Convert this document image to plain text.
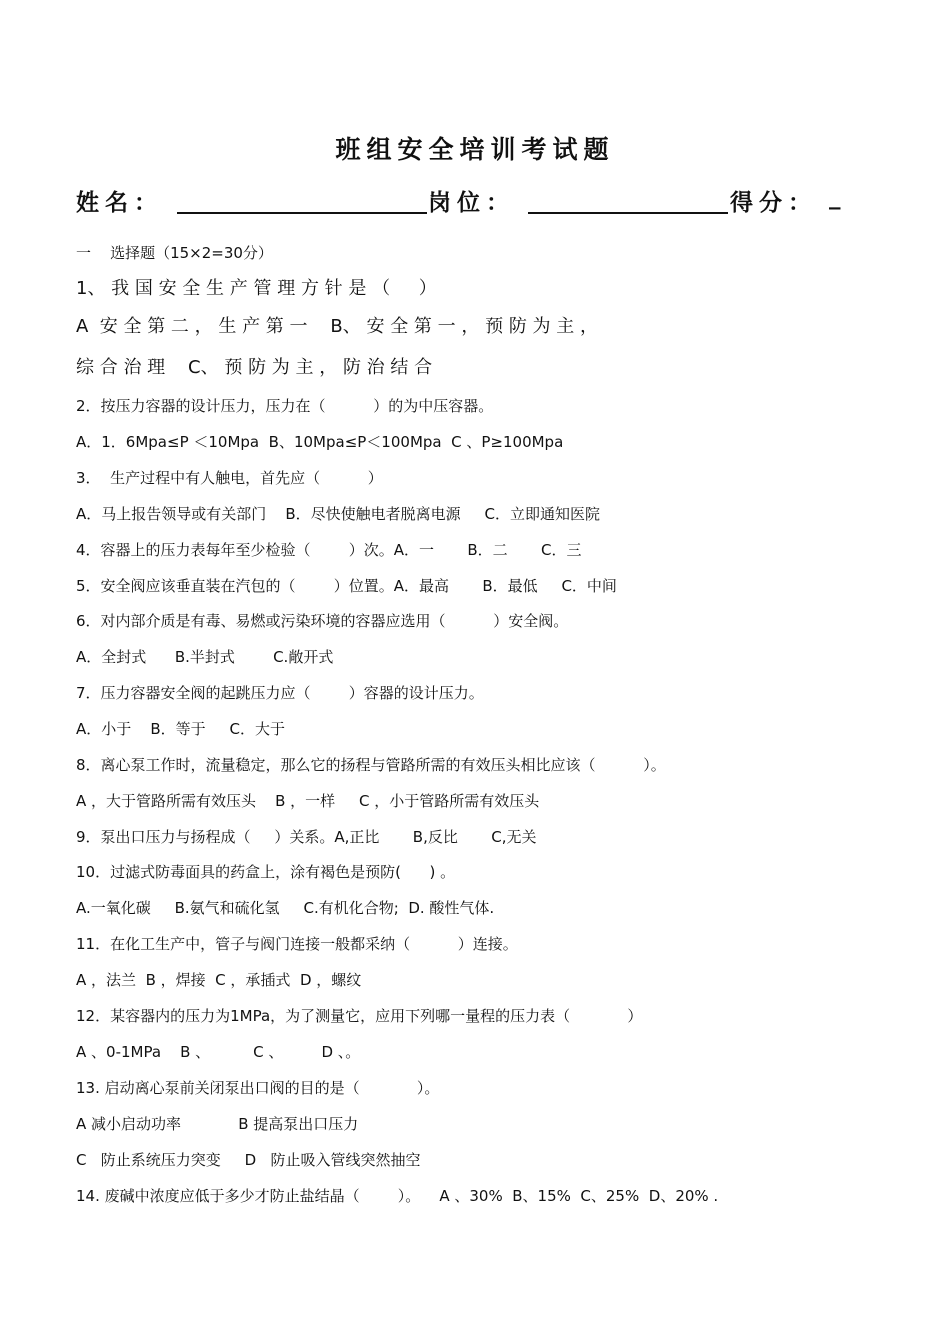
班组安全培训考试题
姓名：	岗位：	得分： _
一    选择题（15×2=30分）
1、 我 国 安 全 生 产 管 理 方 针 是 （     ）
A  安 全 第 二 ， 生 产 第 一    B、 安 全 第 一 ， 预 防 为 主 ，
综 合 治 理    C、 预 防 为 主 ， 防 治 结 合
2．按压力容器的设计压力，压力在（          ）的为中压容器。
A．1．6Mpa≤P ＜10Mpa  B、10Mpa≤P＜100Mpa  C 、P≥100Mpa
3．  生产过程中有人触电，首先应（          ）
A．马上报告领导或有关部门    B．尽快使触电者脱离电源     C．立即通知医院
4．容器上的压力表每年至少检验（        ）次。A．一       B．二       C．三
5．安全阀应该垂直装在汽包的（        ）位置。A．最高       B．最低     C．中间
6．对内部介质是有毒、易燃或污染环境的容器应选用（          ）安全阀。
A．全封式      B.半封式        C.敞开式
7．压力容器安全阀的起跳压力应（        ）容器的设计压力。
A．小于    B．等于     C．大于
8．离心泵工作时，流量稳定，那么它的扬程与管路所需的有效压头相比应该（          ）。
A ，大于管路所需有效压头    B ，一样     C ，小于管路所需有效压头
9．泵出口压力与扬程成（     ）关系。A,正比       B,反比       C,无关
10．过滤式防毒面具的药盒上，涂有褐色是预防(      ) 。
A.一氧化碳     B.氨气和硫化氢     C.有机化合物;  D. 酸性气体.
11．在化工生产中，管子与阀门连接一般都采纳（          ）连接。
A ，法兰  B ，焊接  C ，承插式  D ，螺纹
12．某容器内的压力为1MPa，为了测量它，应用下列哪一量程的压力表（            ）
A 、0-1MPa    B 、         C 、        D 、。
13. 启动离心泵前关闭泵出口阀的目的是（            ）。
A 减小启动功率            B 提高泵出口压力
C   防止系统压力突变     D   防止吸入管线突然抽空
14. 废碱中浓度应低于多少才防止盐结晶（        ）。    A 、30%  B、15%  C、25%  D、20% .
